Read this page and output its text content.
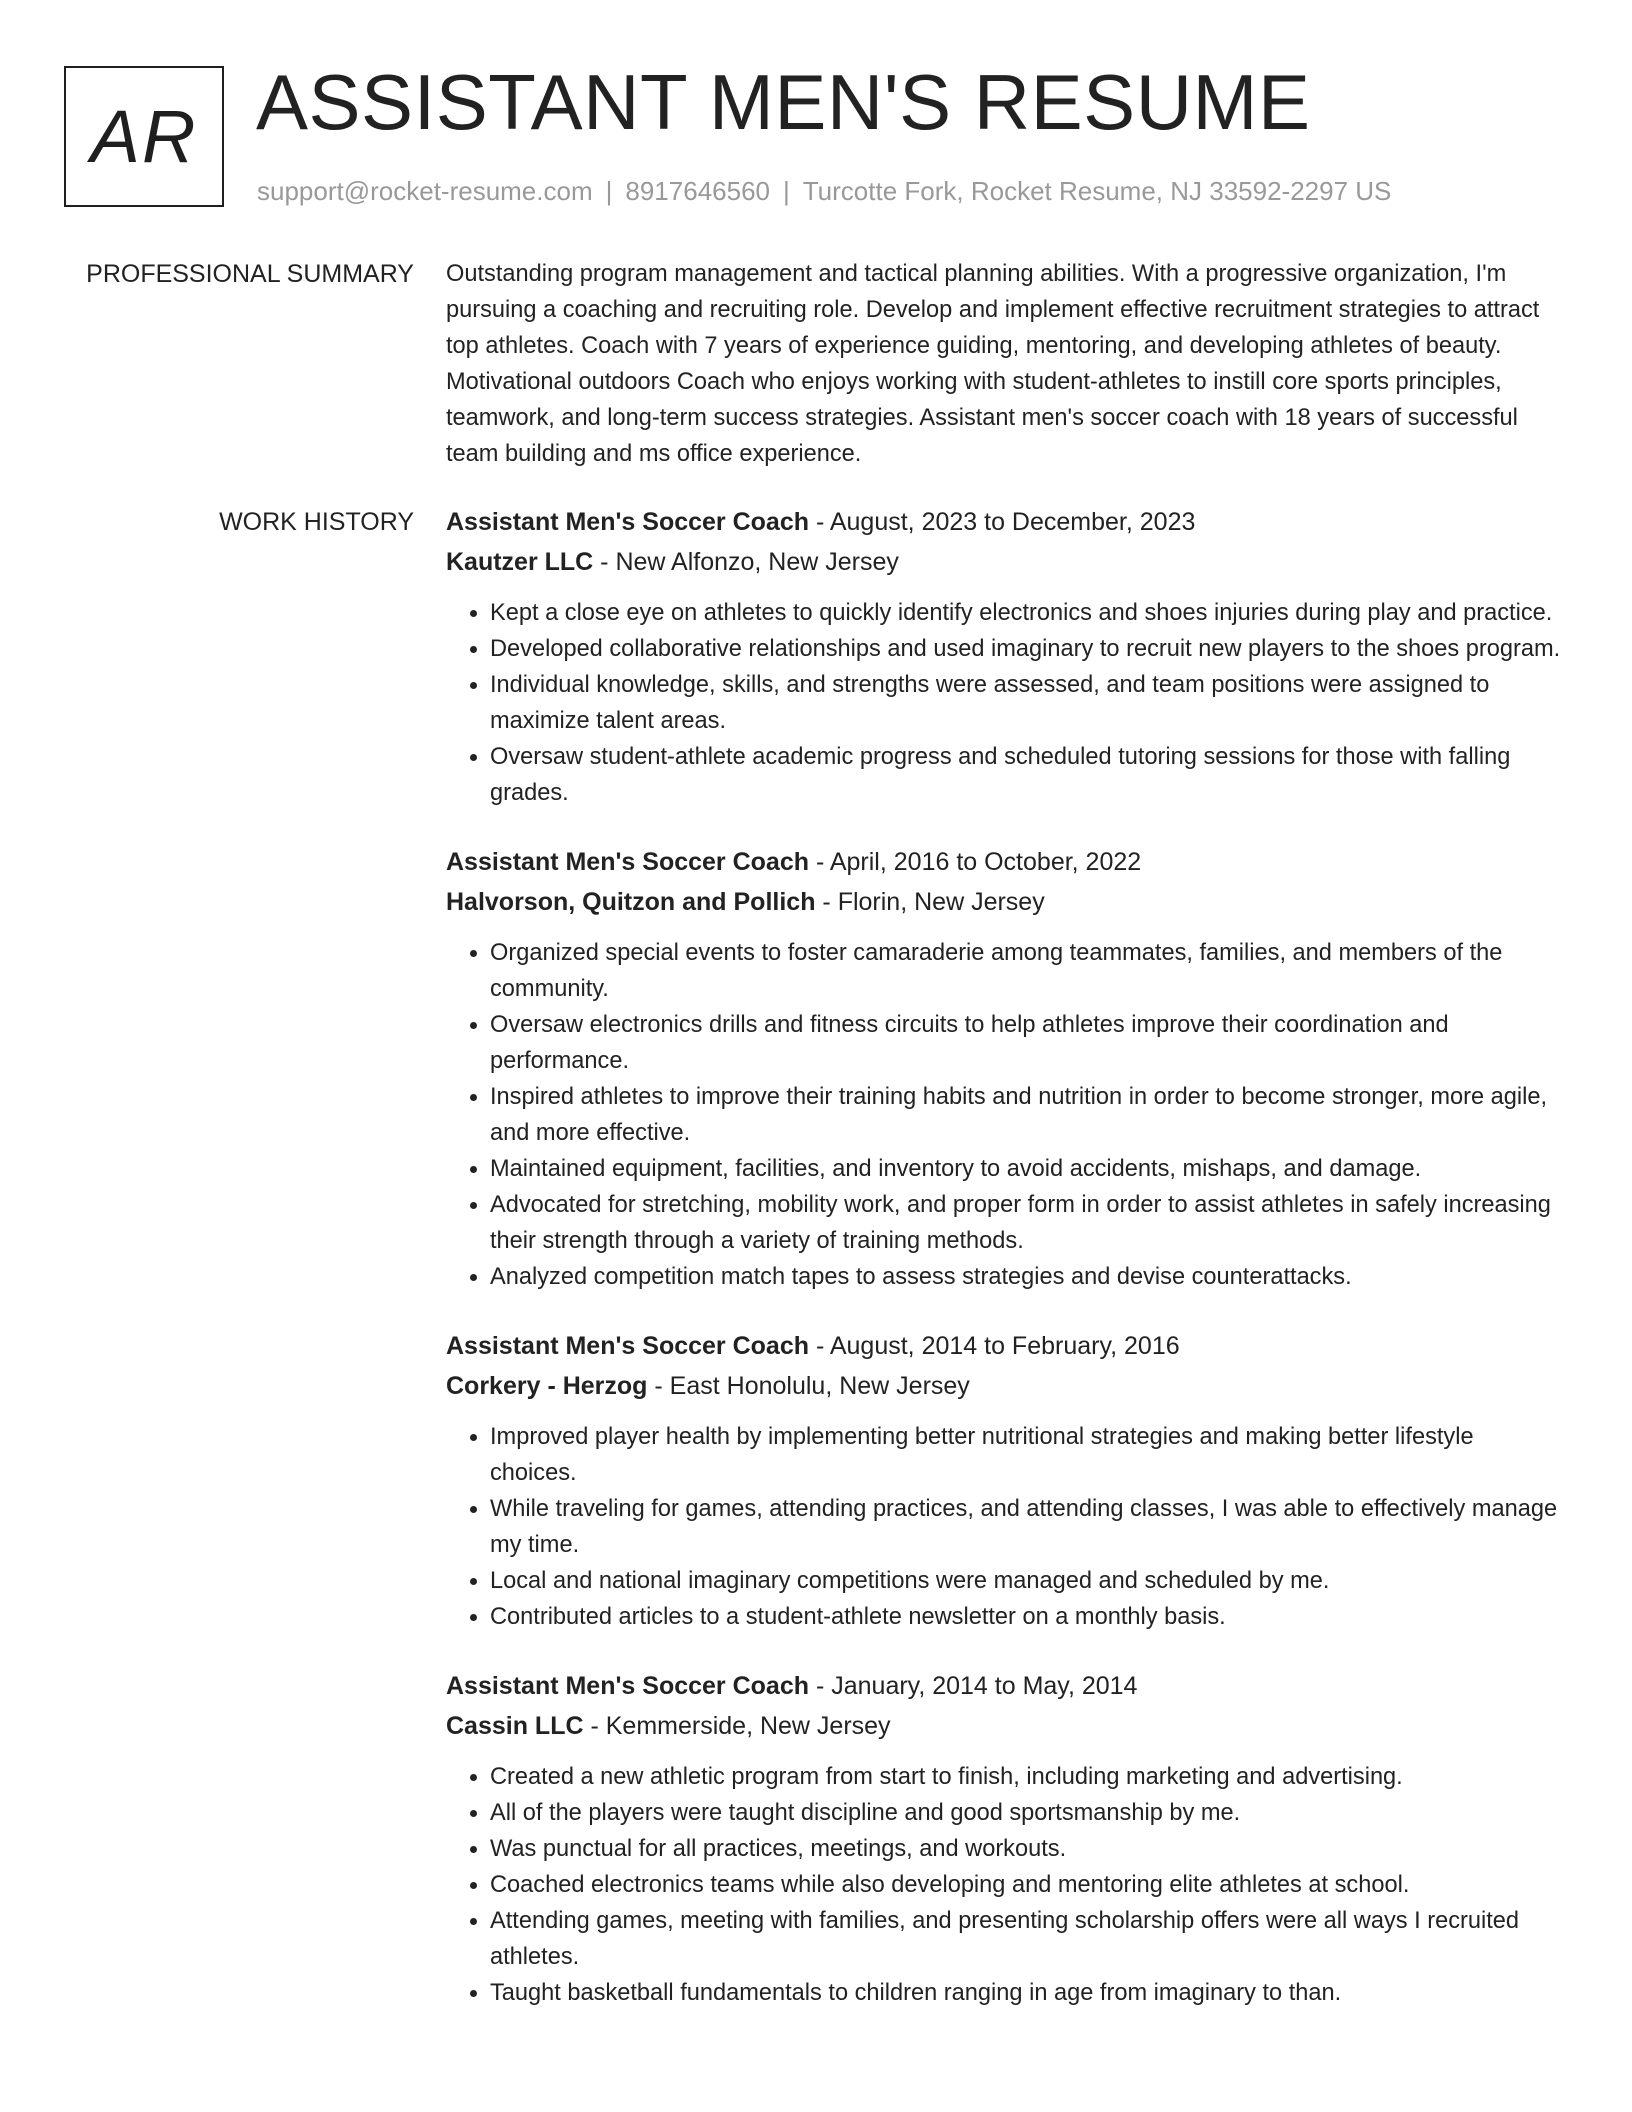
AR ASSISTANT MEN'S RESUME
support@rocket-resume.com | 8917646560 | Turcotte Fork, Rocket Resume, NJ 33592-2297 US
PROFESSIONAL SUMMARY Outstanding program management and tactical planning abilities. With a progressive organization, I'm pursuing a coaching and recruiting role. Develop and implement effective recruitment strategies to attract top athletes. Coach with 7 years of experience guiding, mentoring, and developing athletes of beauty. Motivational outdoors Coach who enjoys working with student-athletes to instill core sports principles, teamwork, and long-term success strategies. Assistant men's soccer coach with 18 years of successful team building and ms office experience.

WORK HISTORY Assistant Men's Soccer Coach - August, 2023 to December, 2023
Kautzer LLC - New Alfonzo, New Jersey
• Kept a close eye on athletes to quickly identify electronics and shoes injuries during play and practice.
• Developed collaborative relationships and used imaginary to recruit new players to the shoes program.
• Individual knowledge, skills, and strengths were assessed, and team positions were assigned to maximize talent areas.
• Oversaw student-athlete academic progress and scheduled tutoring sessions for those with falling grades.
Assistant Men's Soccer Coach - April, 2016 to October, 2022
Halvorson, Quitzon and Pollich - Florin, New Jersey
• Organized special events to foster camaraderie among teammates, families, and members of the community.
• Oversaw electronics drills and fitness circuits to help athletes improve their coordination and performance.
• Inspired athletes to improve their training habits and nutrition in order to become stronger, more agile, and more effective.
• Maintained equipment, facilities, and inventory to avoid accidents, mishaps, and damage.
• Advocated for stretching, mobility work, and proper form in order to assist athletes in safely increasing their strength through a variety of training methods.
• Analyzed competition match tapes to assess strategies and devise counterattacks.
Assistant Men's Soccer Coach - August, 2014 to February, 2016
Corkery - Herzog - East Honolulu, New Jersey
• Improved player health by implementing better nutritional strategies and making better lifestyle choices.
• While traveling for games, attending practices, and attending classes, I was able to effectively manage my time.
• Local and national imaginary competitions were managed and scheduled by me.
• Contributed articles to a student-athlete newsletter on a monthly basis.
Assistant Men's Soccer Coach - January, 2014 to May, 2014
Cassin LLC - Kemmerside, New Jersey
• Created a new athletic program from start to finish, including marketing and advertising.
• All of the players were taught discipline and good sportsmanship by me.
• Was punctual for all practices, meetings, and workouts.
• Coached electronics teams while also developing and mentoring elite athletes at school.
• Attending games, meeting with families, and presenting scholarship offers were all ways I recruited athletes.
• Taught basketball fundamentals to children ranging in age from imaginary to than.
